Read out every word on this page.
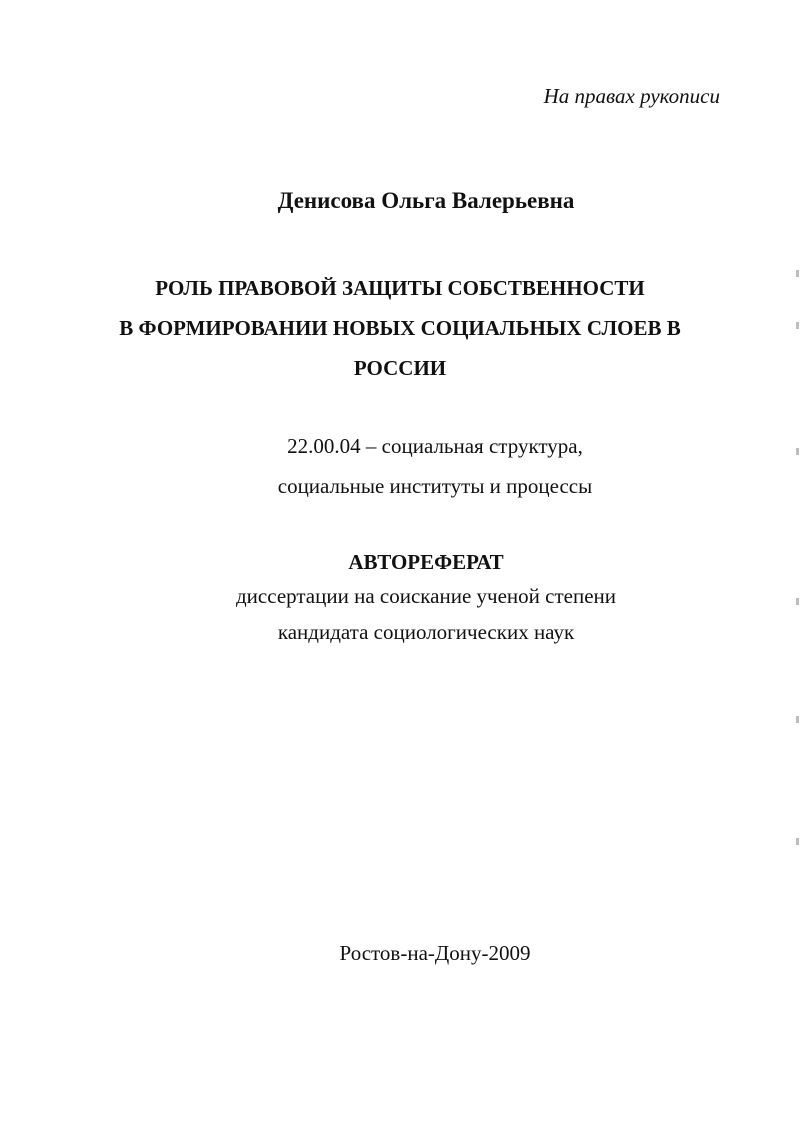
На правах рукописи
Денисова Ольга Валерьевна
РОЛЬ ПРАВОВОЙ ЗАЩИТЫ СОБСТВЕННОСТИ
В ФОРМИРОВАНИИ НОВЫХ СОЦИАЛЬНЫХ СЛОЕВ В
РОССИИ
22.00.04 – социальная структура,
социальные институты и процессы
АВТОРЕФЕРАТ
диссертации на соискание ученой степени
кандидата социологических наук
Ростов-на-Дону-2009
